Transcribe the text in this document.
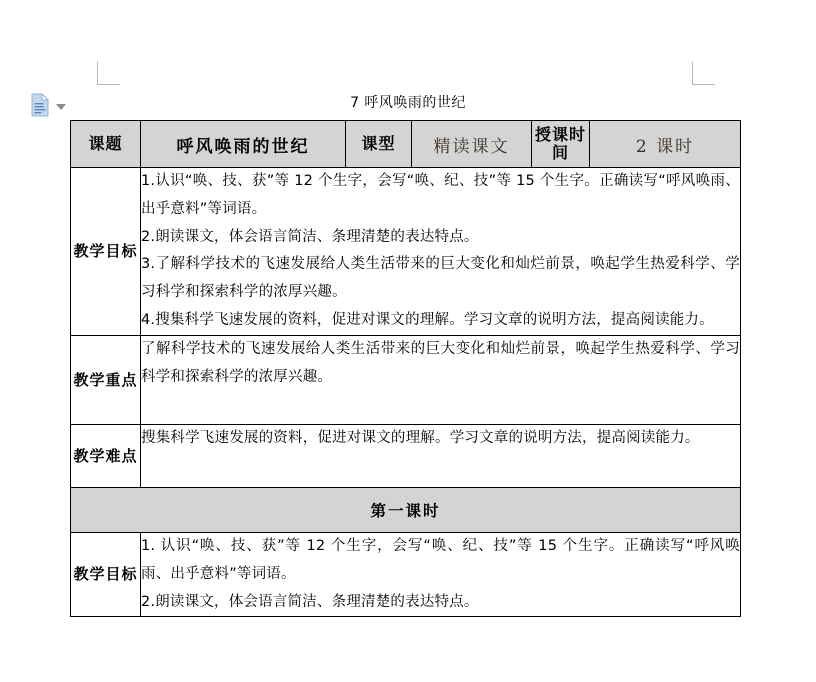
7 呼风唤雨的世纪
课题	呼风唤雨的世纪	课型	精读课文	授课时间	2 课时
教学目标	1.认识“唤、技、获”等 12 个生字，会写“唤、纪、技”等 15 个生字。正确读写“呼风唤雨、出乎意料”等词语。

2.朗读课文，体会语言简洁、条理清楚的表达特点。

3.了解科学技术的飞速发展给人类生活带来的巨大变化和灿烂前景，唤起学生热爱科学、学习科学和探索科学的浓厚兴趣。

4.搜集科学飞速发展的资料，促进对课文的理解。学习文章的说明方法，提高阅读能力。				

教学重点	了解科学技术的飞速发展给人类生活带来的巨大变化和灿烂前景，唤起学生热爱科学、学习科学和探索科学的浓厚兴趣。				

教学难点	搜集科学飞速发展的资料，促进对课文的理解。学习文章的说明方法，提高阅读能力。				

第一课时					
教学目标	1. 认识“唤、技、获”等 12 个生字，会写“唤、纪、技”等 15 个生字。正确读写“呼风唤雨、出乎意料”等词语。

2.朗读课文，体会语言简洁、条理清楚的表达特点。				
